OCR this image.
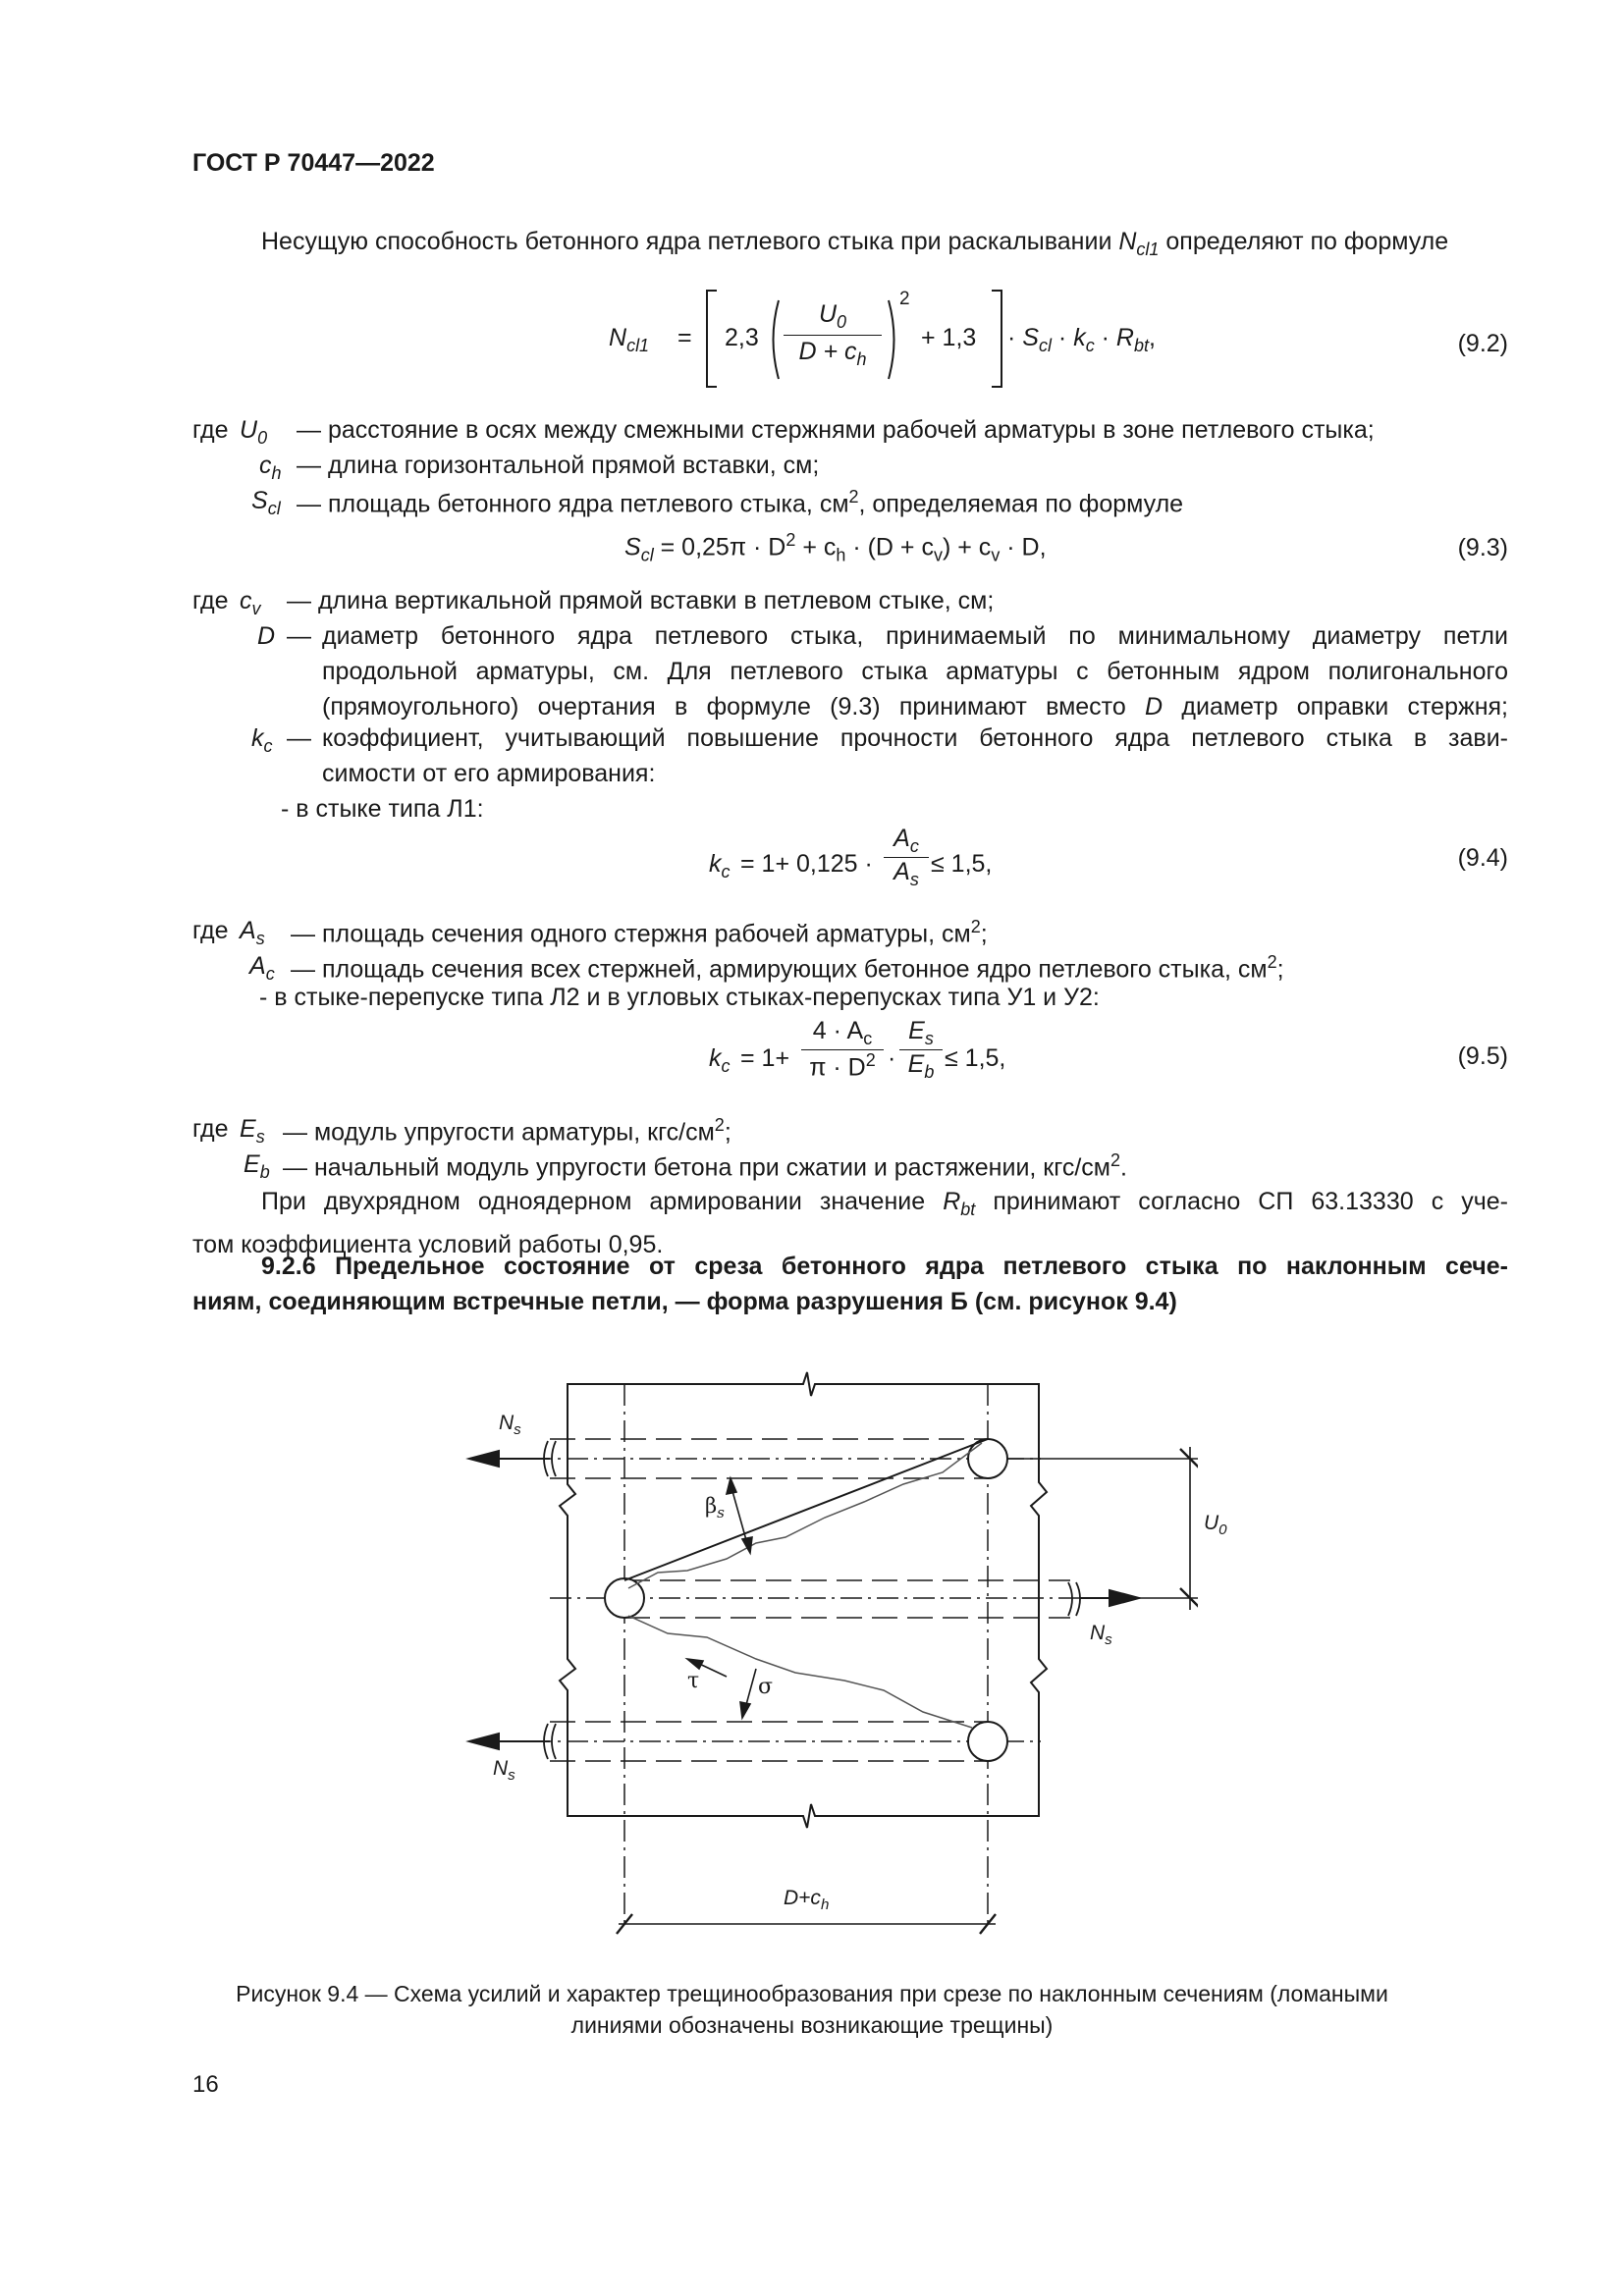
ГОСТ Р 70447—2022
Несущую способность бетонного ядра петлевого стыка при раскалывании $N_{cl1}$ определяют по формуле
$N_{cl1} = 2,3$
$U_0$
$D + c_h$
2
+ $1,3 \cdot S_{cl} \cdot k_c \cdot R_{bt}$,	(9.2)
где $U_0$ — расстояние в осях между смежными стержнями рабочей арматуры в зоне петлевого стыка;
$c_h$ — длина горизонтальной прямой вставки, см;
$S_{cl}$ — площадь бетонного ядра петлевого стыка, $см^2$, определяемая по формуле
$S_{cl} = 0,25\pi \cdot D^2 + c_h \cdot (D + c_v) + c_v \cdot D$,	(9.3)
где $c_v$ — длина вертикальной прямой вставки в петлевом стыке, см;
D — диаметр бетонного ядра петлевого стыка, принимаемый по минимальному диаметру петли
продольной арматуры, см. Для петлевого стыка арматуры с бетонным ядром полигонального
(прямоугольного) очертания в формуле (9.3) принимают вместо D диаметр оправки стержня;
$k_c$ — коэффициент, учитывающий повышение прочности бетонного ядра петлевого стыка в зави-
симости от его армирования:
- в стыке типа Л1:
$k_c = 1+ 0,125$ ·
$A_c$
$A_s$
≤ 1,5,	(9.4)
где $A_s$ — площадь сечения одного стержня рабочей арматуры, $см^2$;
$A_c$ — площадь сечения всех стержней, армирующих бетонное ядро петлевого стыка, $см^2$;
- в стыке-перепуске типа Л2 и в угловых стыках-перепусках типа У1 и У2:
$k_c = 1+$
$4 \cdot A_c$
$\pi \cdot D^2$ ·
$E_s$
$E_b \le 1,5$,	(9.5)
где $E_s$ — модуль упругости арматуры, кгс/$см^2$;
$E_b$ — начальный модуль упругости бетона при сжатии и растяжении, кгс/$см^2$.
При двухрядном одноядерном армировании значение $R_{bt}$ принимают согласно СП 63.13330 с уче-
том коэффициента условий работы 0,95.
9.2.6 Предельное состояние от среза бетонного ядра петлевого стыка по наклонным сече-
ниям, соединяющим встречные петли, — форма разрушения Б (см. рисунок 9.4)
$N_s$
$N_s$
$N_s$
$\beta_s$	$U_0$
τ	σ
$D+c_h$
Рисунок 9.4 — Схема усилий и характер трещинообразования при срезе по наклонным сечениям (ломаными
линиями обозначены возникающие трещины)
16
